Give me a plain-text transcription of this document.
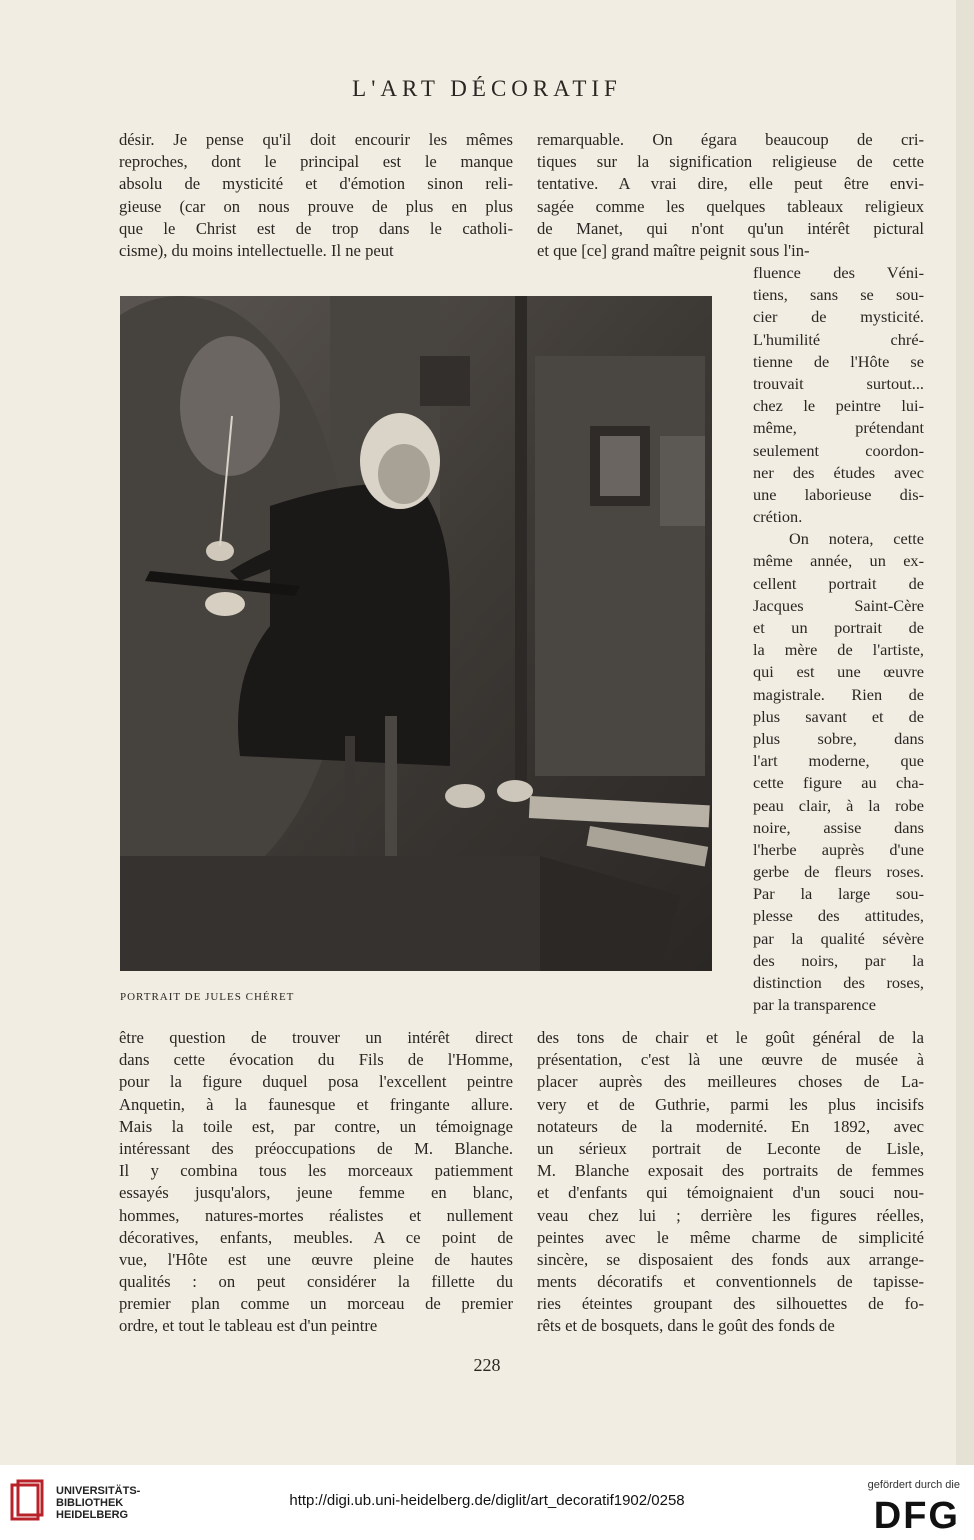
L'ART DÉCORATIF
désir. Je pense qu'il doit encourir les mêmes
reproches, dont le principal est le manque
absolu de mysticité et d'émotion sinon reli-
gieuse (car on nous prouve de plus en plus
que le Christ est de trop dans le catholi-
cisme), du moins intellectuelle. Il ne peut
remarquable. On égara beaucoup de cri-
tiques sur la signification religieuse de cette
tentative. A vrai dire, elle peut être envi-
sagée comme les quelques tableaux religieux
de Manet, qui n'ont qu'un intérêt pictural
et que [ce] grand maître peignit sous l'in-
fluence des Véni-
tiens, sans se sou-
cier de mysticité.
L'humilité chré-
tienne de l'Hôte se
trouvait surtout...
chez le peintre lui-
même, prétendant
seulement coordon-
ner des études avec
une laborieuse dis-
crétion.
On notera, cette
même année, un ex-
cellent portrait de
Jacques Saint-Cère
et un portrait de
la mère de l'artiste,
qui est une œuvre
magistrale. Rien de
plus savant et de
plus sobre, dans
l'art moderne, que
cette figure au cha-
peau clair, à la robe
noire, assise dans
l'herbe auprès d'une
gerbe de fleurs roses.
Par la large sou-
plesse des attitudes,
par la qualité sévère
des noirs, par la
distinction des roses,
par la transparence
PORTRAIT DE JULES CHÉRET
être question de trouver un intérêt direct
dans cette évocation du Fils de l'Homme,
pour la figure duquel posa l'excellent peintre
Anquetin, à la faunesque et fringante allure.
Mais la toile est, par contre, un témoignage
intéressant des préoccupations de M. Blanche.
Il y combina tous les morceaux patiemment
essayés jusqu'alors, jeune femme en blanc,
hommes, natures-mortes réalistes et nullement
décoratives, enfants, meubles. A ce point de
vue, l'Hôte est une œuvre pleine de hautes
qualités : on peut considérer la fillette du
premier plan comme un morceau de premier
ordre, et tout le tableau est d'un peintre
des tons de chair et le goût général de la
présentation, c'est là une œuvre de musée à
placer auprès des meilleures choses de La-
very et de Guthrie, parmi les plus incisifs
notateurs de la modernité. En 1892, avec
un sérieux portrait de Leconte de Lisle,
M. Blanche exposait des portraits de femmes
et d'enfants qui témoignaient d'un souci nou-
veau chez lui ; derrière les figures réelles,
peintes avec le même charme de simplicité
sincère, se disposaient des fonds aux arrange-
ments décoratifs et conventionnels de tapisse-
ries éteintes groupant des silhouettes de fo-
rêts et de bosquets, dans le goût des fonds de
228
UNIVERSITÄTS-
BIBLIOTHEK
HEIDELBERG
http://digi.ub.uni-heidelberg.de/diglit/art_decoratif1902/0258
gefördert durch die
DFG
